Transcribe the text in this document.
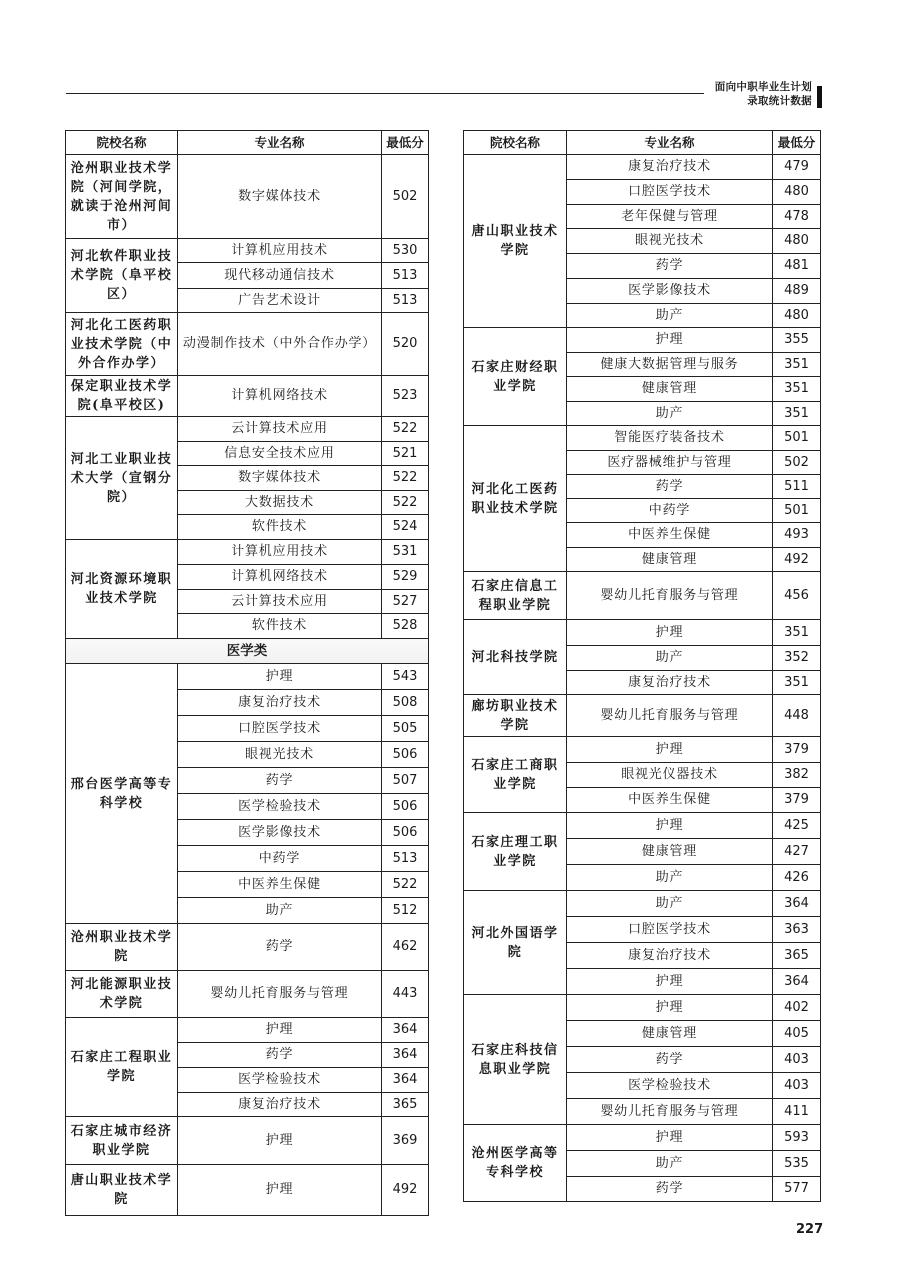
面向中职毕业生计划
录取统计数据
院校名称	专业名称	最低分
沧州职业技术学院（河间学院，就读于沧州河间市）	数字媒体技术	502
河北软件职业技术学院（阜平校区）	计算机应用技术	530
	现代移动通信技术	513
	广告艺术设计	513
河北化工医药职业技术学院（中外合作办学）	动漫制作技术（中外合作办学）	520
保定职业技术学院(阜平校区)	计算机网络技术	523
河北工业职业技术大学（宣钢分院）	云计算技术应用	522
	信息安全技术应用	521
	数字媒体技术	522
	大数据技术	522
	软件技术	524
河北资源环境职业技术学院	计算机应用技术	531
	计算机网络技术	529
	云计算技术应用	527
	软件技术	528
医学类		
邢台医学高等专科学校	护理	543
	康复治疗技术	508
	口腔医学技术	505
	眼视光技术	506
	药学	507
	医学检验技术	506
	医学影像技术	506
	中药学	513
	中医养生保健	522
	助产	512
沧州职业技术学院	药学	462
河北能源职业技术学院	婴幼儿托育服务与管理	443
石家庄工程职业学院	护理	364
	药学	364
	医学检验技术	364
	康复治疗技术	365
石家庄城市经济职业学院	护理	369
唐山职业技术学院	护理	492
院校名称	专业名称	最低分
唐山职业技术学院	康复治疗技术	479
	口腔医学技术	480
	老年保健与管理	478
	眼视光技术	480
	药学	481
	医学影像技术	489
	助产	480
石家庄财经职业学院	护理	355
	健康大数据管理与服务	351
	健康管理	351
	助产	351
河北化工医药职业技术学院	智能医疗装备技术	501
	医疗器械维护与管理	502
	药学	511
	中药学	501
	中医养生保健	493
	健康管理	492
石家庄信息工程职业学院	婴幼儿托育服务与管理	456
河北科技学院	护理	351
	助产	352
	康复治疗技术	351
廊坊职业技术学院	婴幼儿托育服务与管理	448
石家庄工商职业学院	护理	379
	眼视光仪器技术	382
	中医养生保健	379
石家庄理工职业学院	护理	425
	健康管理	427
	助产	426
河北外国语学院	助产	364
	口腔医学技术	363
	康复治疗技术	365
	护理	364
石家庄科技信息职业学院	护理	402
	健康管理	405
	药学	403
	医学检验技术	403
	婴幼儿托育服务与管理	411
沧州医学高等专科学校	护理	593
	助产	535
	药学	577
227
